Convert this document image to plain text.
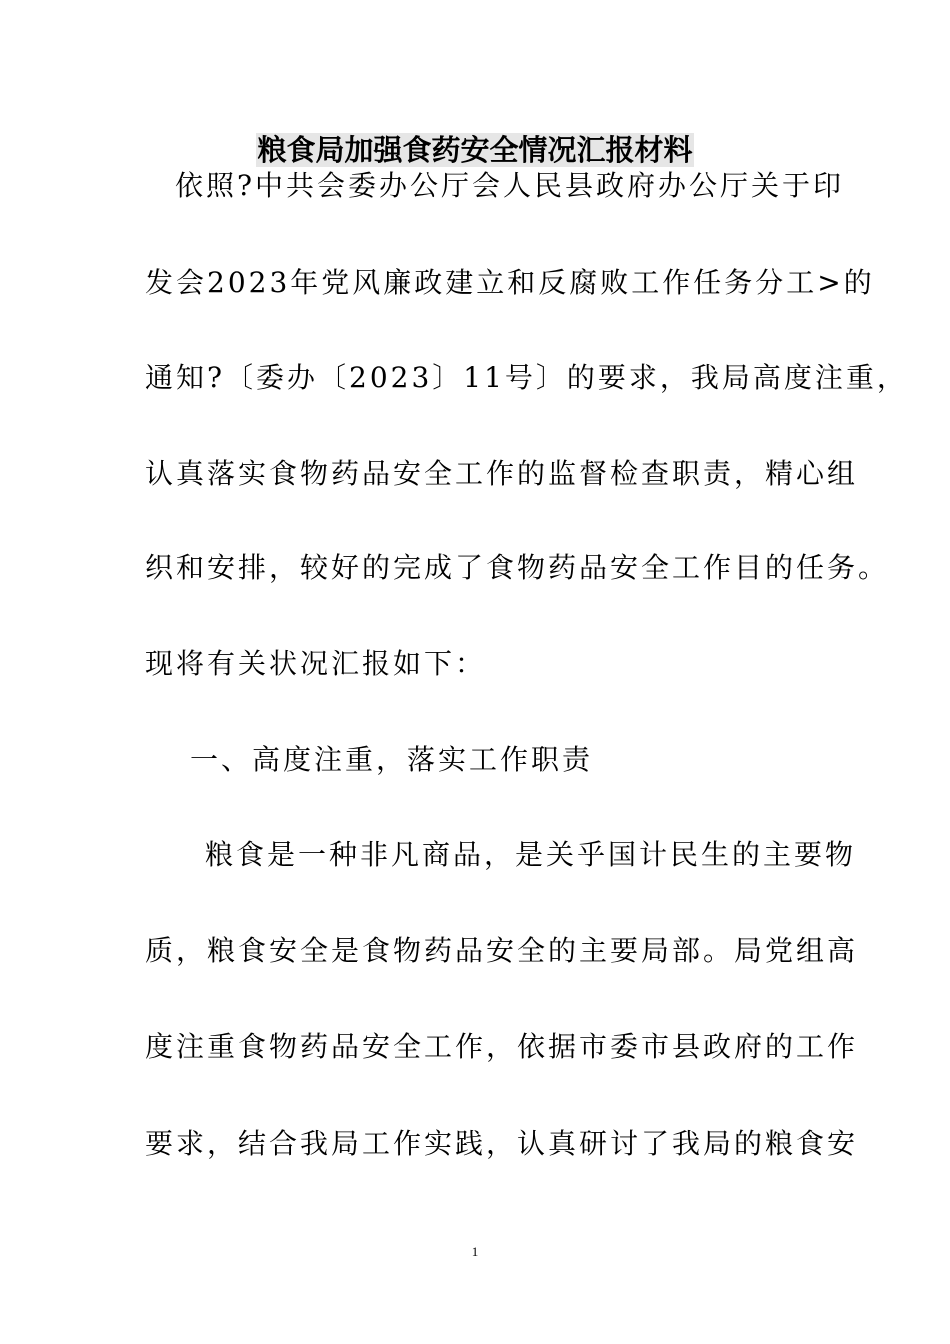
粮食局加强食药安全情况汇报材料
依照?中共会委办公厅会人民县政府办公厅关于印
发会2023年党风廉政建立和反腐败工作任务分工>的
通知?〔委办〔2023〕11号〕的要求，我局高度注重，
认真落实食物药品安全工作的监督检查职责，精心组
织和安排，较好的完成了食物药品安全工作目的任务。
现将有关状况汇报如下：
一、高度注重，落实工作职责
粮食是一种非凡商品，是关乎国计民生的主要物
质，粮食安全是食物药品安全的主要局部。局党组高
度注重食物药品安全工作，依据市委市县政府的工作
要求，结合我局工作实践，认真研讨了我局的粮食安
1
